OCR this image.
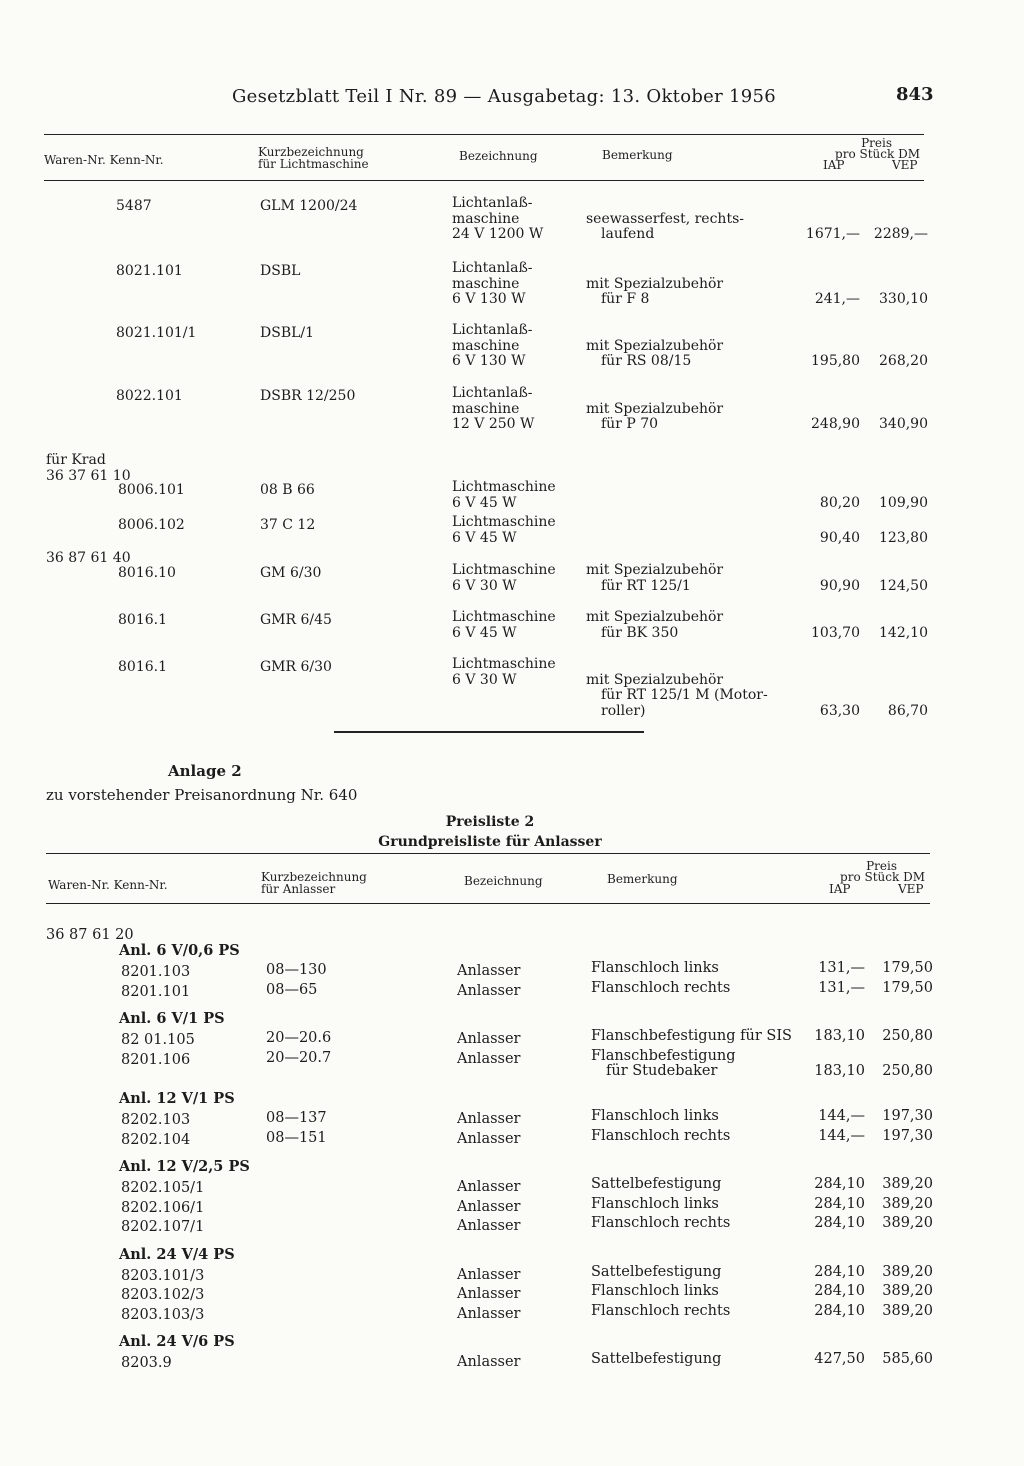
Gesetzblatt Teil I Nr. 89 — Ausgabetag: 13. Oktober 1956	843
Waren-Nr. Kenn-Nr.
Kurzbezeichnung
für Lichtmaschine
Bezeichnung	Bemerkung
Preis
pro Stück DM
IAP	VEP
für Krad
36 37 61 10
36 87 61 40
5487	GLM 1200/24	Lichtanlaß-
maschine
24 V 1200 W
seewasserfest, rechts-
laufend	1671,— 2289,—
8021.101	DSBL	Lichtanlaß-
maschine
6 V 130 W
mit Spezialzubehör
für F 8	241,—	330,10
8021.101/1	DSBL/1	Lichtanlaß-
maschine
6 V 130 W
mit Spezialzubehör
für RS 08/15	195,80	268,20
8022.101	DSBR 12/250	Lichtanlaß-
maschine
12 V 250 W
mit Spezialzubehör
für P 70	248,90	340,90
8006.101	08 B 66	Lichtmaschine
6 V 45 W	80,20	109,90
8006.102	37 C 12	Lichtmaschine
6 V 45 W	90,40	123,80
8016.10	GM 6/30	Lichtmaschine
6 V 30 W
mit Spezialzubehör
für RT 125/1	90,90	124,50
8016.1	GMR 6/45	Lichtmaschine
6 V 45 W
mit Spezialzubehör
für BK 350	103,70	142,10
8016.1	GMR 6/30	Lichtmaschine
6 V 30 W	mit Spezialzubehör
für RT 125/1 M (Motor-
roller)	63,30	86,70
Anlage 2
zu vorstehender Preisanordnung Nr. 640
Preisliste 2
Grundpreisliste für Anlasser
Waren-Nr. Kenn-Nr.
Kurzbezeichnung
für Anlasser
Bezeichnung	Bemerkung
Preis
pro Stück DM
IAP	VEP
36 87 61 20
Anl. 6 V/0,6 PS
8201.103	08—130	Anlasser	Flanschloch links	131,—	179,50
8201.101	08—65	Anlasser	Flanschloch rechts	131,—	179,50
Anl. 6 V/1 PS
82 01.105	20—20.6	Anlasser	Flanschbefestigung für SIS	183,10	250,80
8201.106	20—20.7	Anlasser	Flanschbefestigung
für Studebaker	183,10	250,80
Anl. 12 V/1 PS
8202.103	08—137	Anlasser	Flanschloch links	144,—	197,30
8202.104	08—151	Anlasser	Flanschloch rechts	144,—	197,30
Anl. 12 V/2,5 PS
8202.105/1	Anlasser	Sattelbefestigung	284,10	389,20
8202.106/1	Anlasser	Flanschloch links	284,10	389,20
8202.107/1	Anlasser	Flanschloch rechts	284,10	389,20
Anl. 24 V/4 PS
8203.101/3	Anlasser	Sattelbefestigung	284,10	389,20
8203.102/3	Anlasser	Flanschloch links	284,10	389,20
8203.103/3	Anlasser	Flanschloch rechts	284,10	389,20
Anl. 24 V/6 PS
8203.9	Anlasser	Sattelbefestigung	427,50	585,60
